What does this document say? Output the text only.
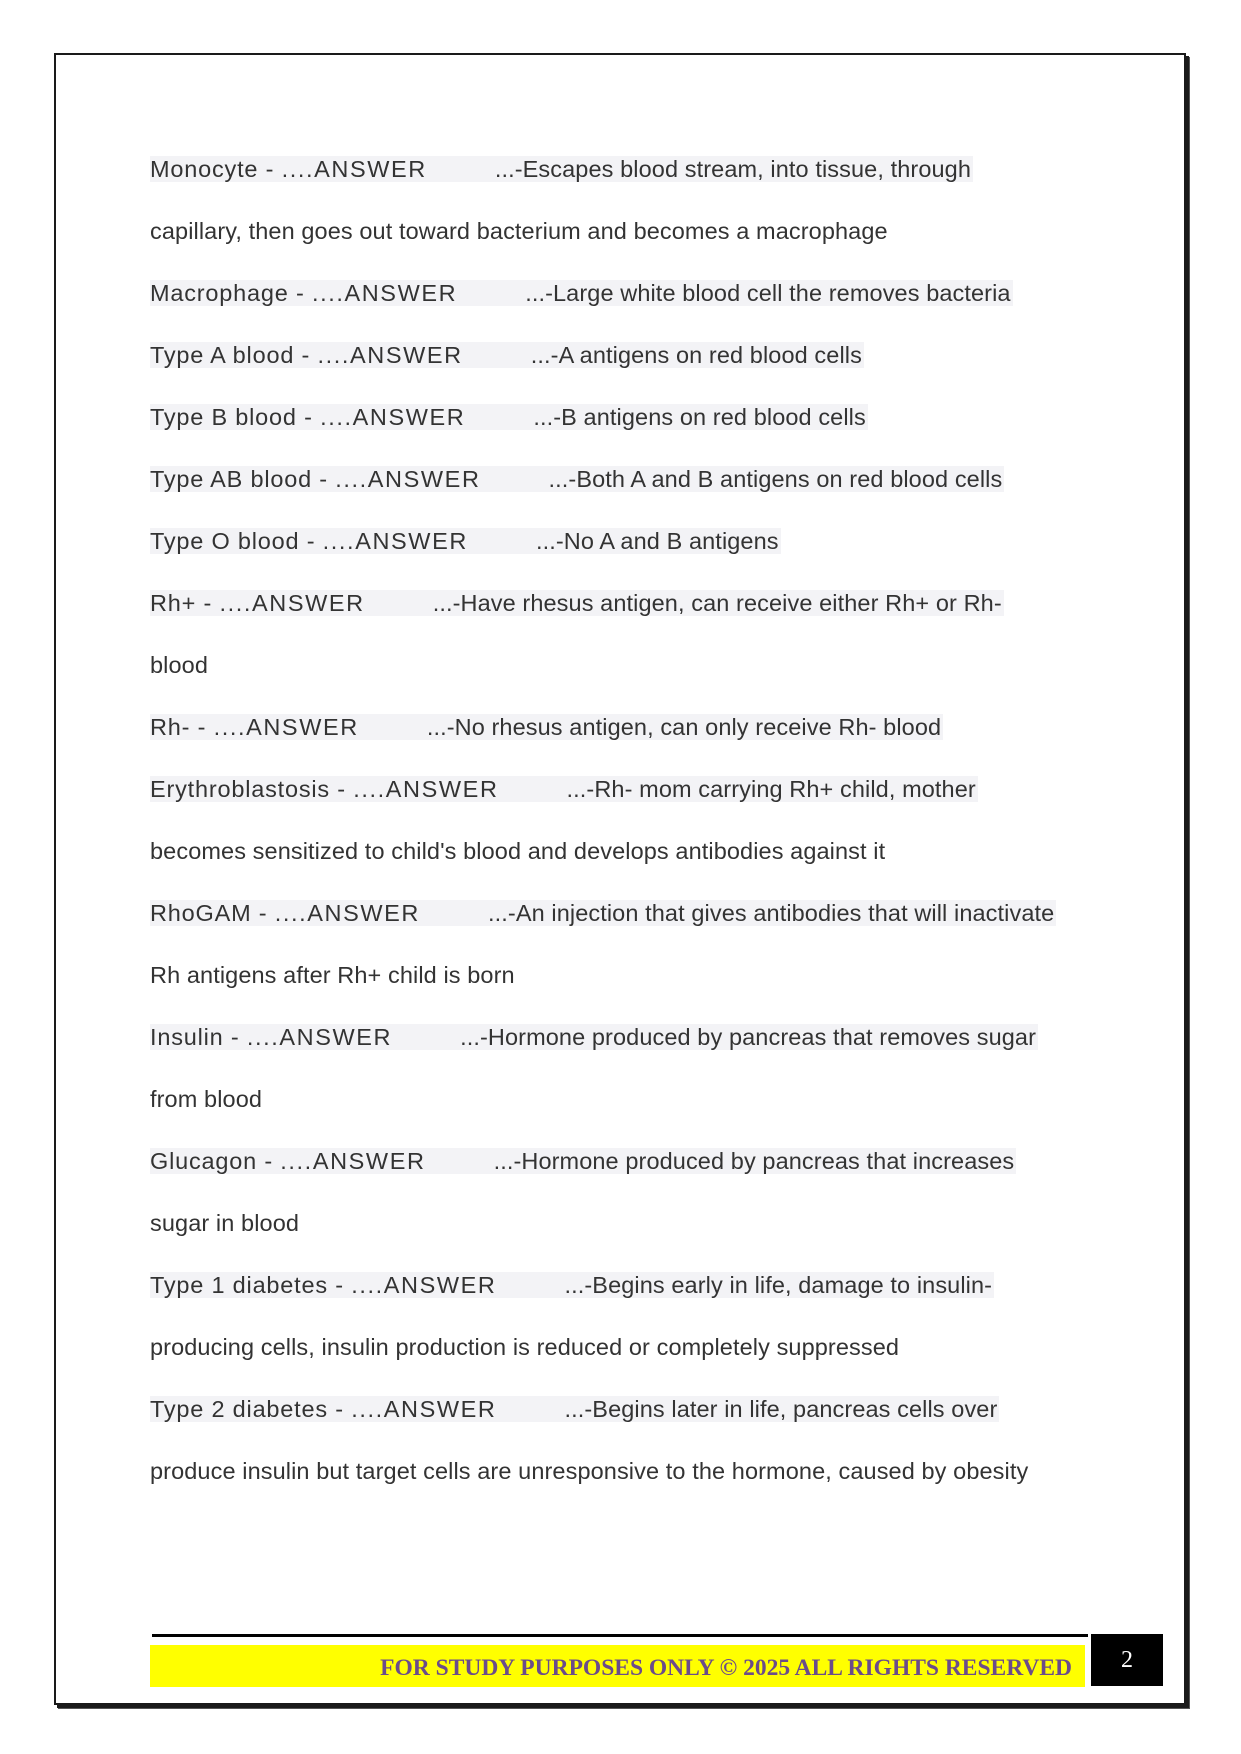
Monocyte - ....ANSWER	...-Escapes blood stream, into tissue, through
capillary, then goes out toward bacterium and becomes a macrophage
Macrophage - ....ANSWER	...-Large white blood cell the removes bacteria
Type A blood - ....ANSWER	...-A antigens on red blood cells
Type B blood - ....ANSWER	...-B antigens on red blood cells
Type AB blood - ....ANSWER	...-Both A and B antigens on red blood cells
Type O blood - ....ANSWER	...-No A and B antigens
Rh+ - ....ANSWER	...-Have rhesus antigen, can receive either Rh+ or Rh-
blood
Rh- - ....ANSWER	...-No rhesus antigen, can only receive Rh- blood
Erythroblastosis - ....ANSWER	...-Rh- mom carrying Rh+ child, mother
becomes sensitized to child's blood and develops antibodies against it
RhoGAM - ....ANSWER	...-An injection that gives antibodies that will inactivate
Rh antigens after Rh+ child is born
Insulin - ....ANSWER	...-Hormone produced by pancreas that removes sugar
from blood
Glucagon - ....ANSWER	...-Hormone produced by pancreas that increases
sugar in blood
Type 1 diabetes - ....ANSWER	...-Begins early in life, damage to insulin-
producing cells, insulin production is reduced or completely suppressed
Type 2 diabetes - ....ANSWER	...-Begins later in life, pancreas cells over
produce insulin but target cells are unresponsive to the hormone, caused by obesity
FOR STUDY PURPOSES ONLY © 2025 ALL RIGHTS RESERVED	2
